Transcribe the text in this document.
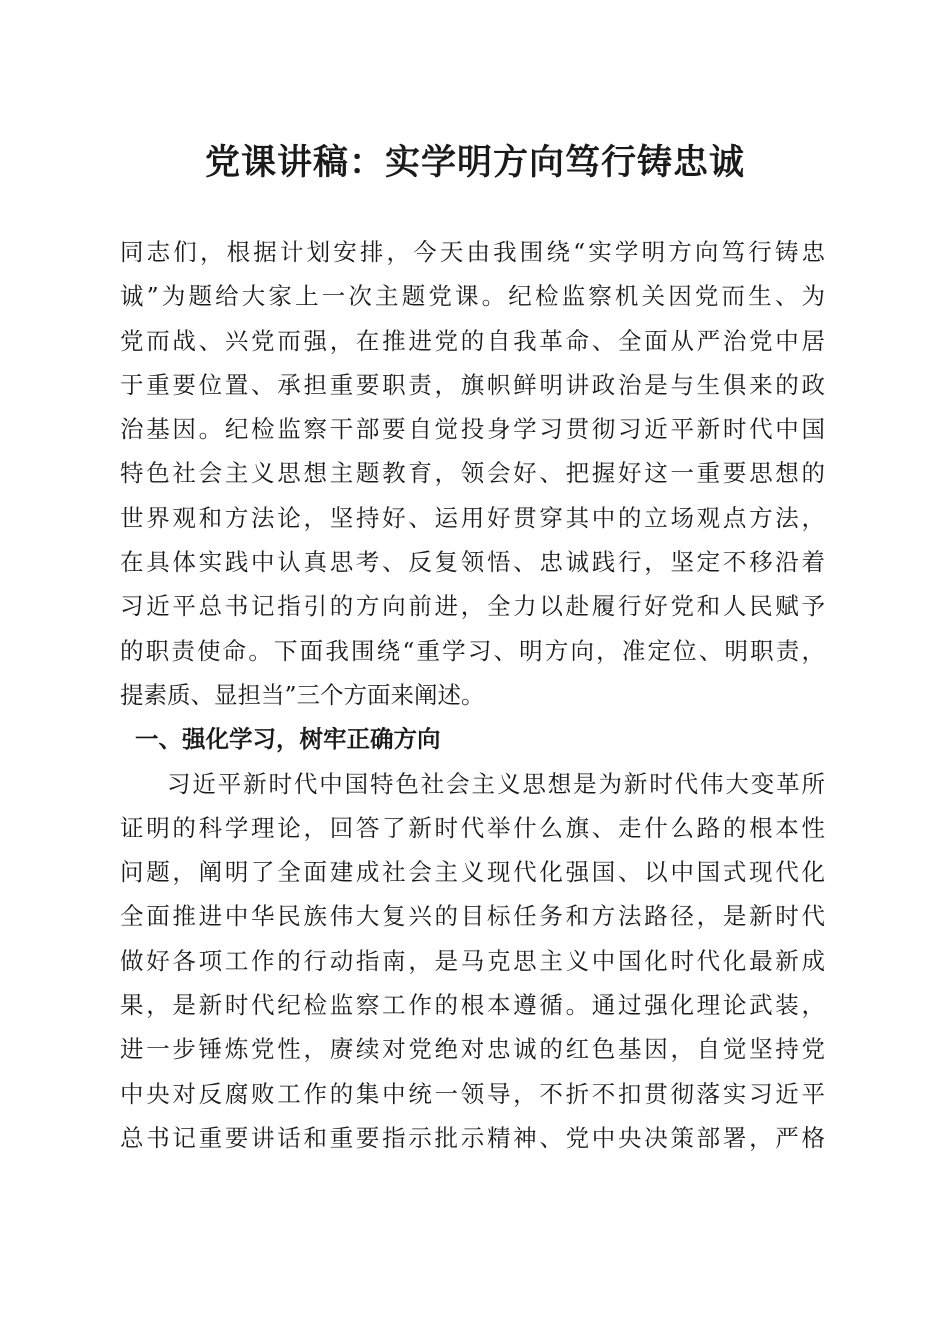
党课讲稿：实学明方向笃行铸忠诚
同志们，根据计划安排，今天由我围绕“实学明方向笃行铸忠
诚”为题给大家上一次主题党课。纪检监察机关因党而生、为
党而战、兴党而强，在推进党的自我革命、全面从严治党中居
于重要位置、承担重要职责，旗帜鲜明讲政治是与生俱来的政
治基因。纪检监察干部要自觉投身学习贯彻习近平新时代中国
特色社会主义思想主题教育，领会好、把握好这一重要思想的
世界观和方法论，坚持好、运用好贯穿其中的立场观点方法，
在具体实践中认真思考、反复领悟、忠诚践行，坚定不移沿着
习近平总书记指引的方向前进，全力以赴履行好党和人民赋予
的职责使命。下面我围绕“重学习、明方向，准定位、明职责，
提素质、显担当”三个方面来阐述。
一、强化学习，树牢正确方向
习近平新时代中国特色社会主义思想是为新时代伟大变革所
证明的科学理论，回答了新时代举什么旗、走什么路的根本性
问题，阐明了全面建成社会主义现代化强国、以中国式现代化
全面推进中华民族伟大复兴的目标任务和方法路径，是新时代
做好各项工作的行动指南，是马克思主义中国化时代化最新成
果，是新时代纪检监察工作的根本遵循。通过强化理论武装，
进一步锤炼党性，赓续对党绝对忠诚的红色基因，自觉坚持党
中央对反腐败工作的集中统一领导，不折不扣贯彻落实习近平
总书记重要讲话和重要指示批示精神、党中央决策部署，严格
